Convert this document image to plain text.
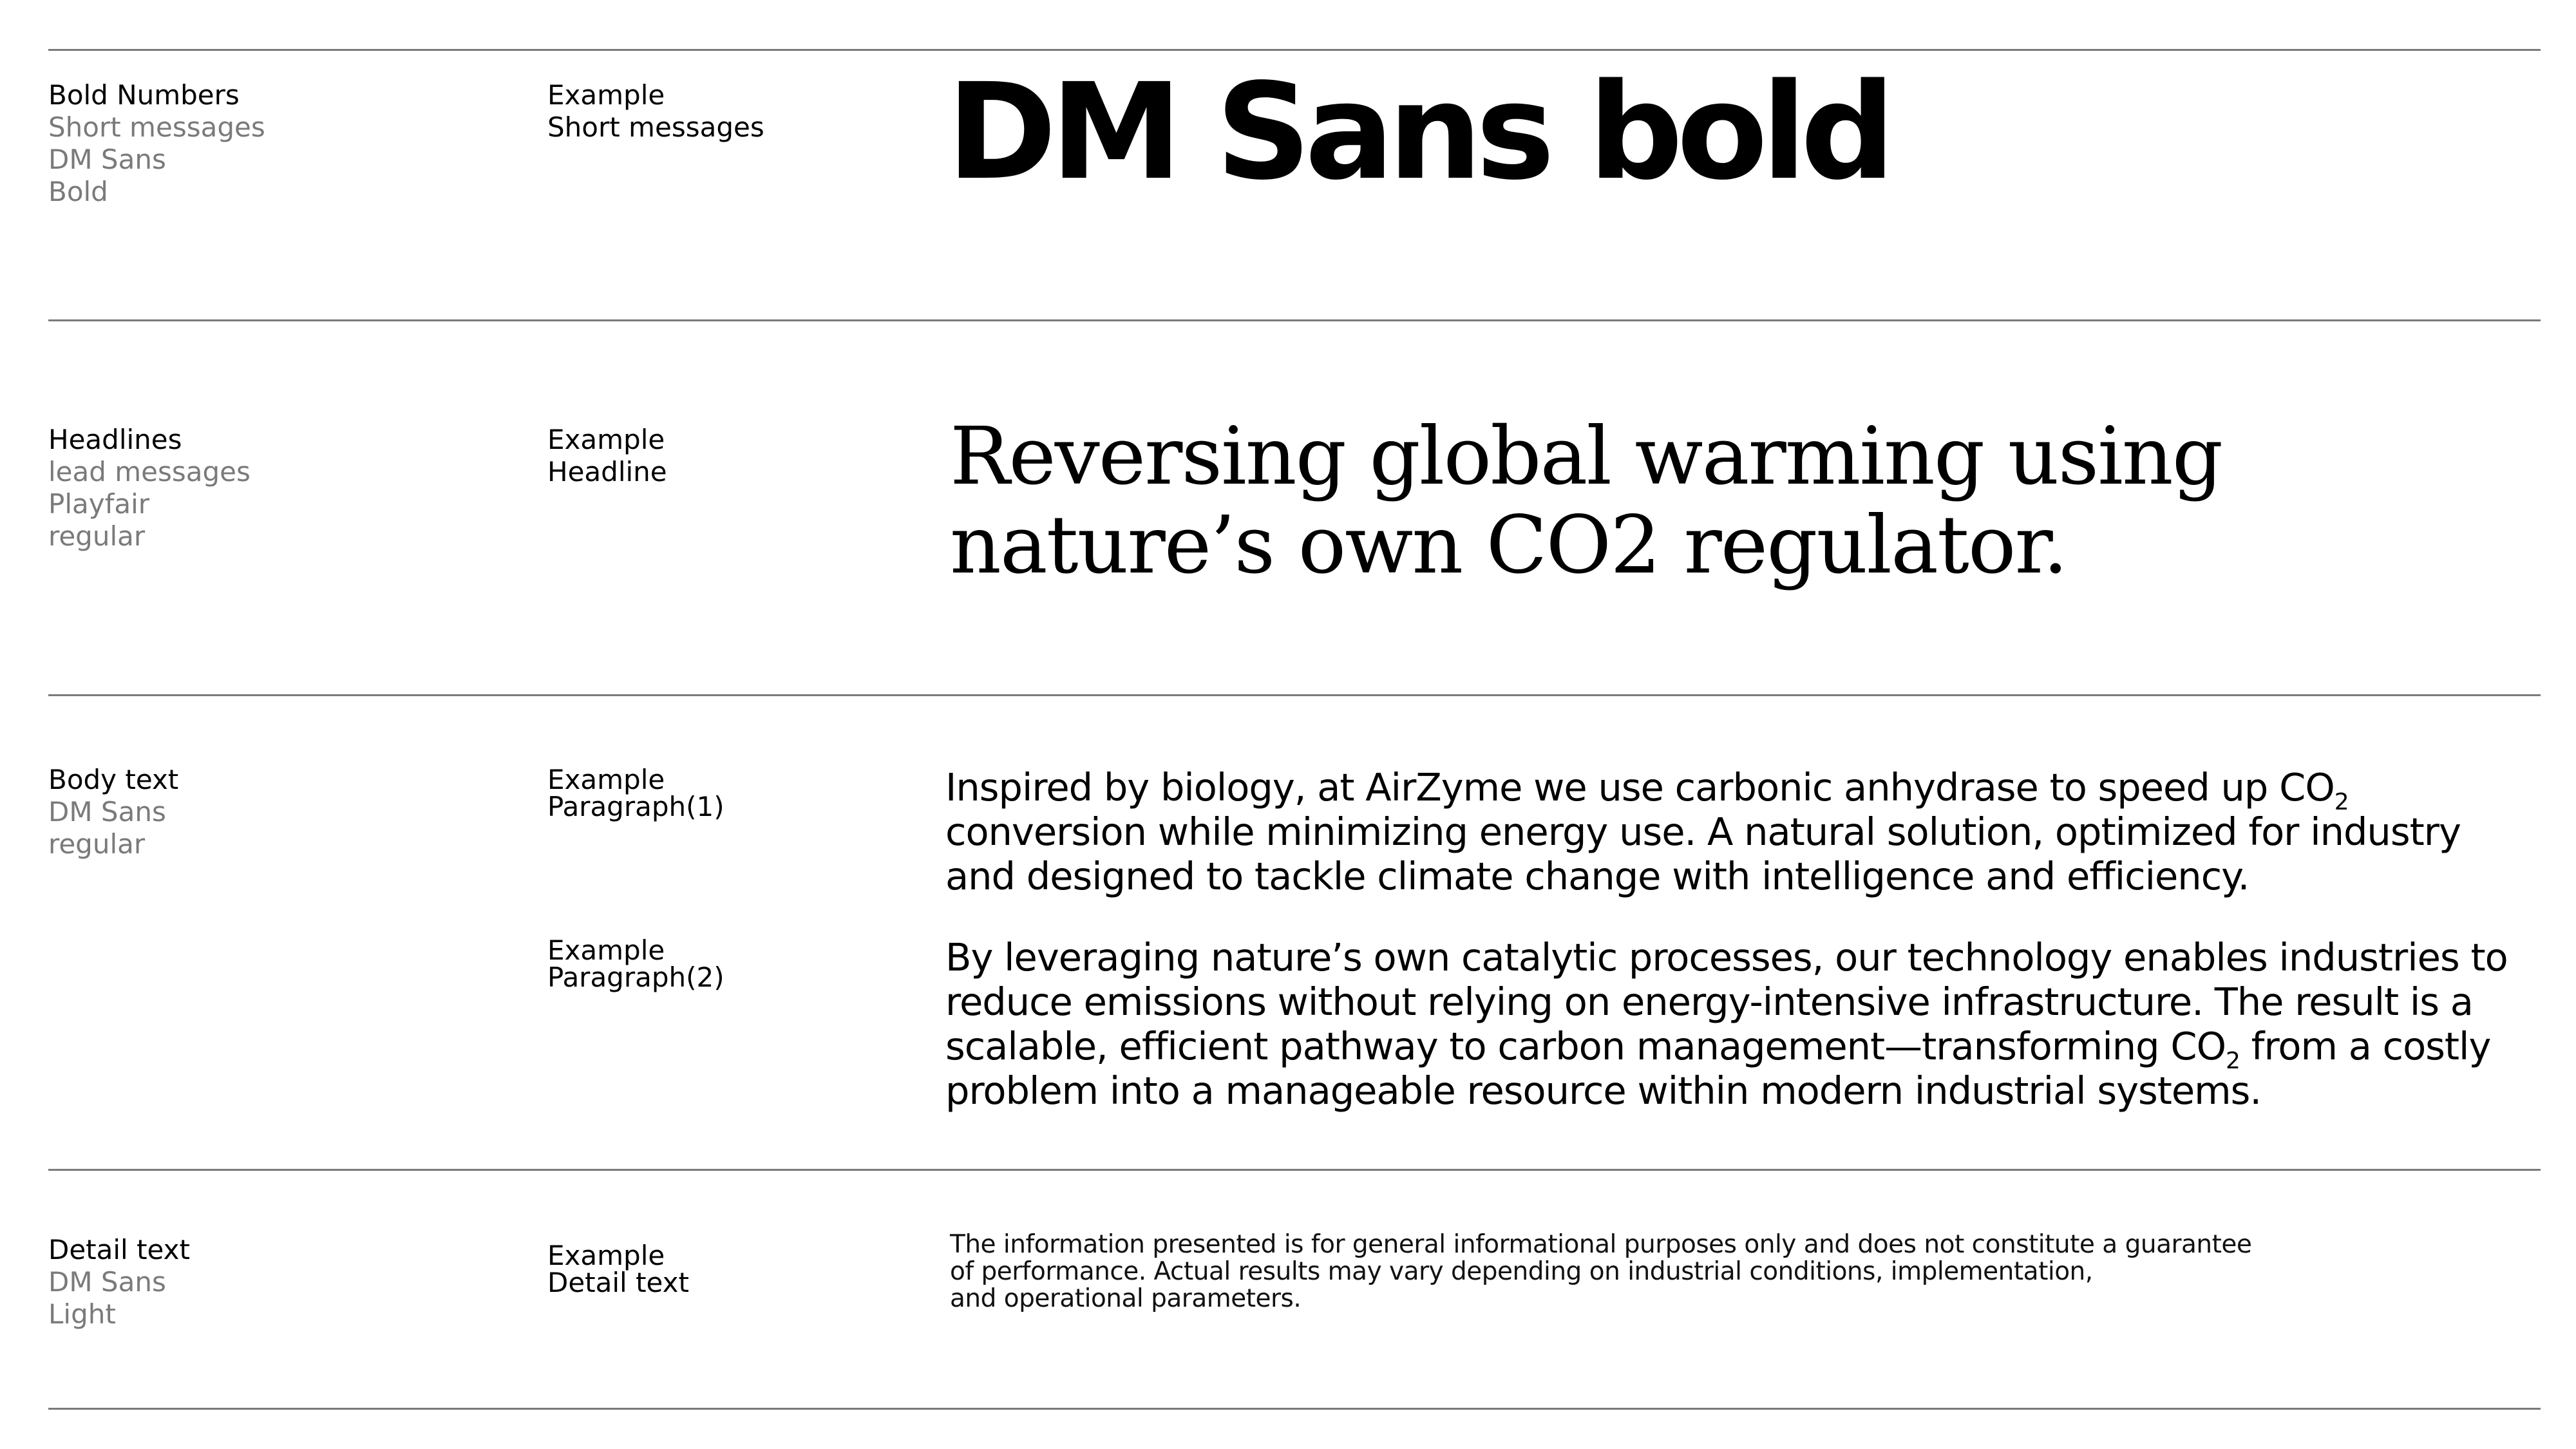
Bold Numbers
Short messages
DM Sans
Bold
Example
Short messages DM Sans bold
Headlines
lead messages
Playfair
regular
Example
Headline	Reversing global warming using
nature’s own CO2 regulator.
Body text
DM Sans
regular
Example
Paragraph(1)
Example
Paragraph(2)
Inspired by biology, at AirZyme we use carbonic anhydrase to speed up $CO_2$ conversion while minimizing energy use. A natural solution, optimized for industry and designed to tackle climate change with intelligence and efficiency.
By leveraging nature’s own catalytic processes, our technology enables industries to reduce emissions without relying on energy-intensive infrastructure. The result is a scalable, efficient pathway to carbon management—transforming $CO_2$ from a costly problem into a manageable resource within modern industrial systems.
Detail text
DM Sans
Light
Example
Detail text
The information presented is for general informational purposes only and does not constitute a guarantee
of performance. Actual results may vary depending on industrial conditions, implementation,
and operational parameters.
